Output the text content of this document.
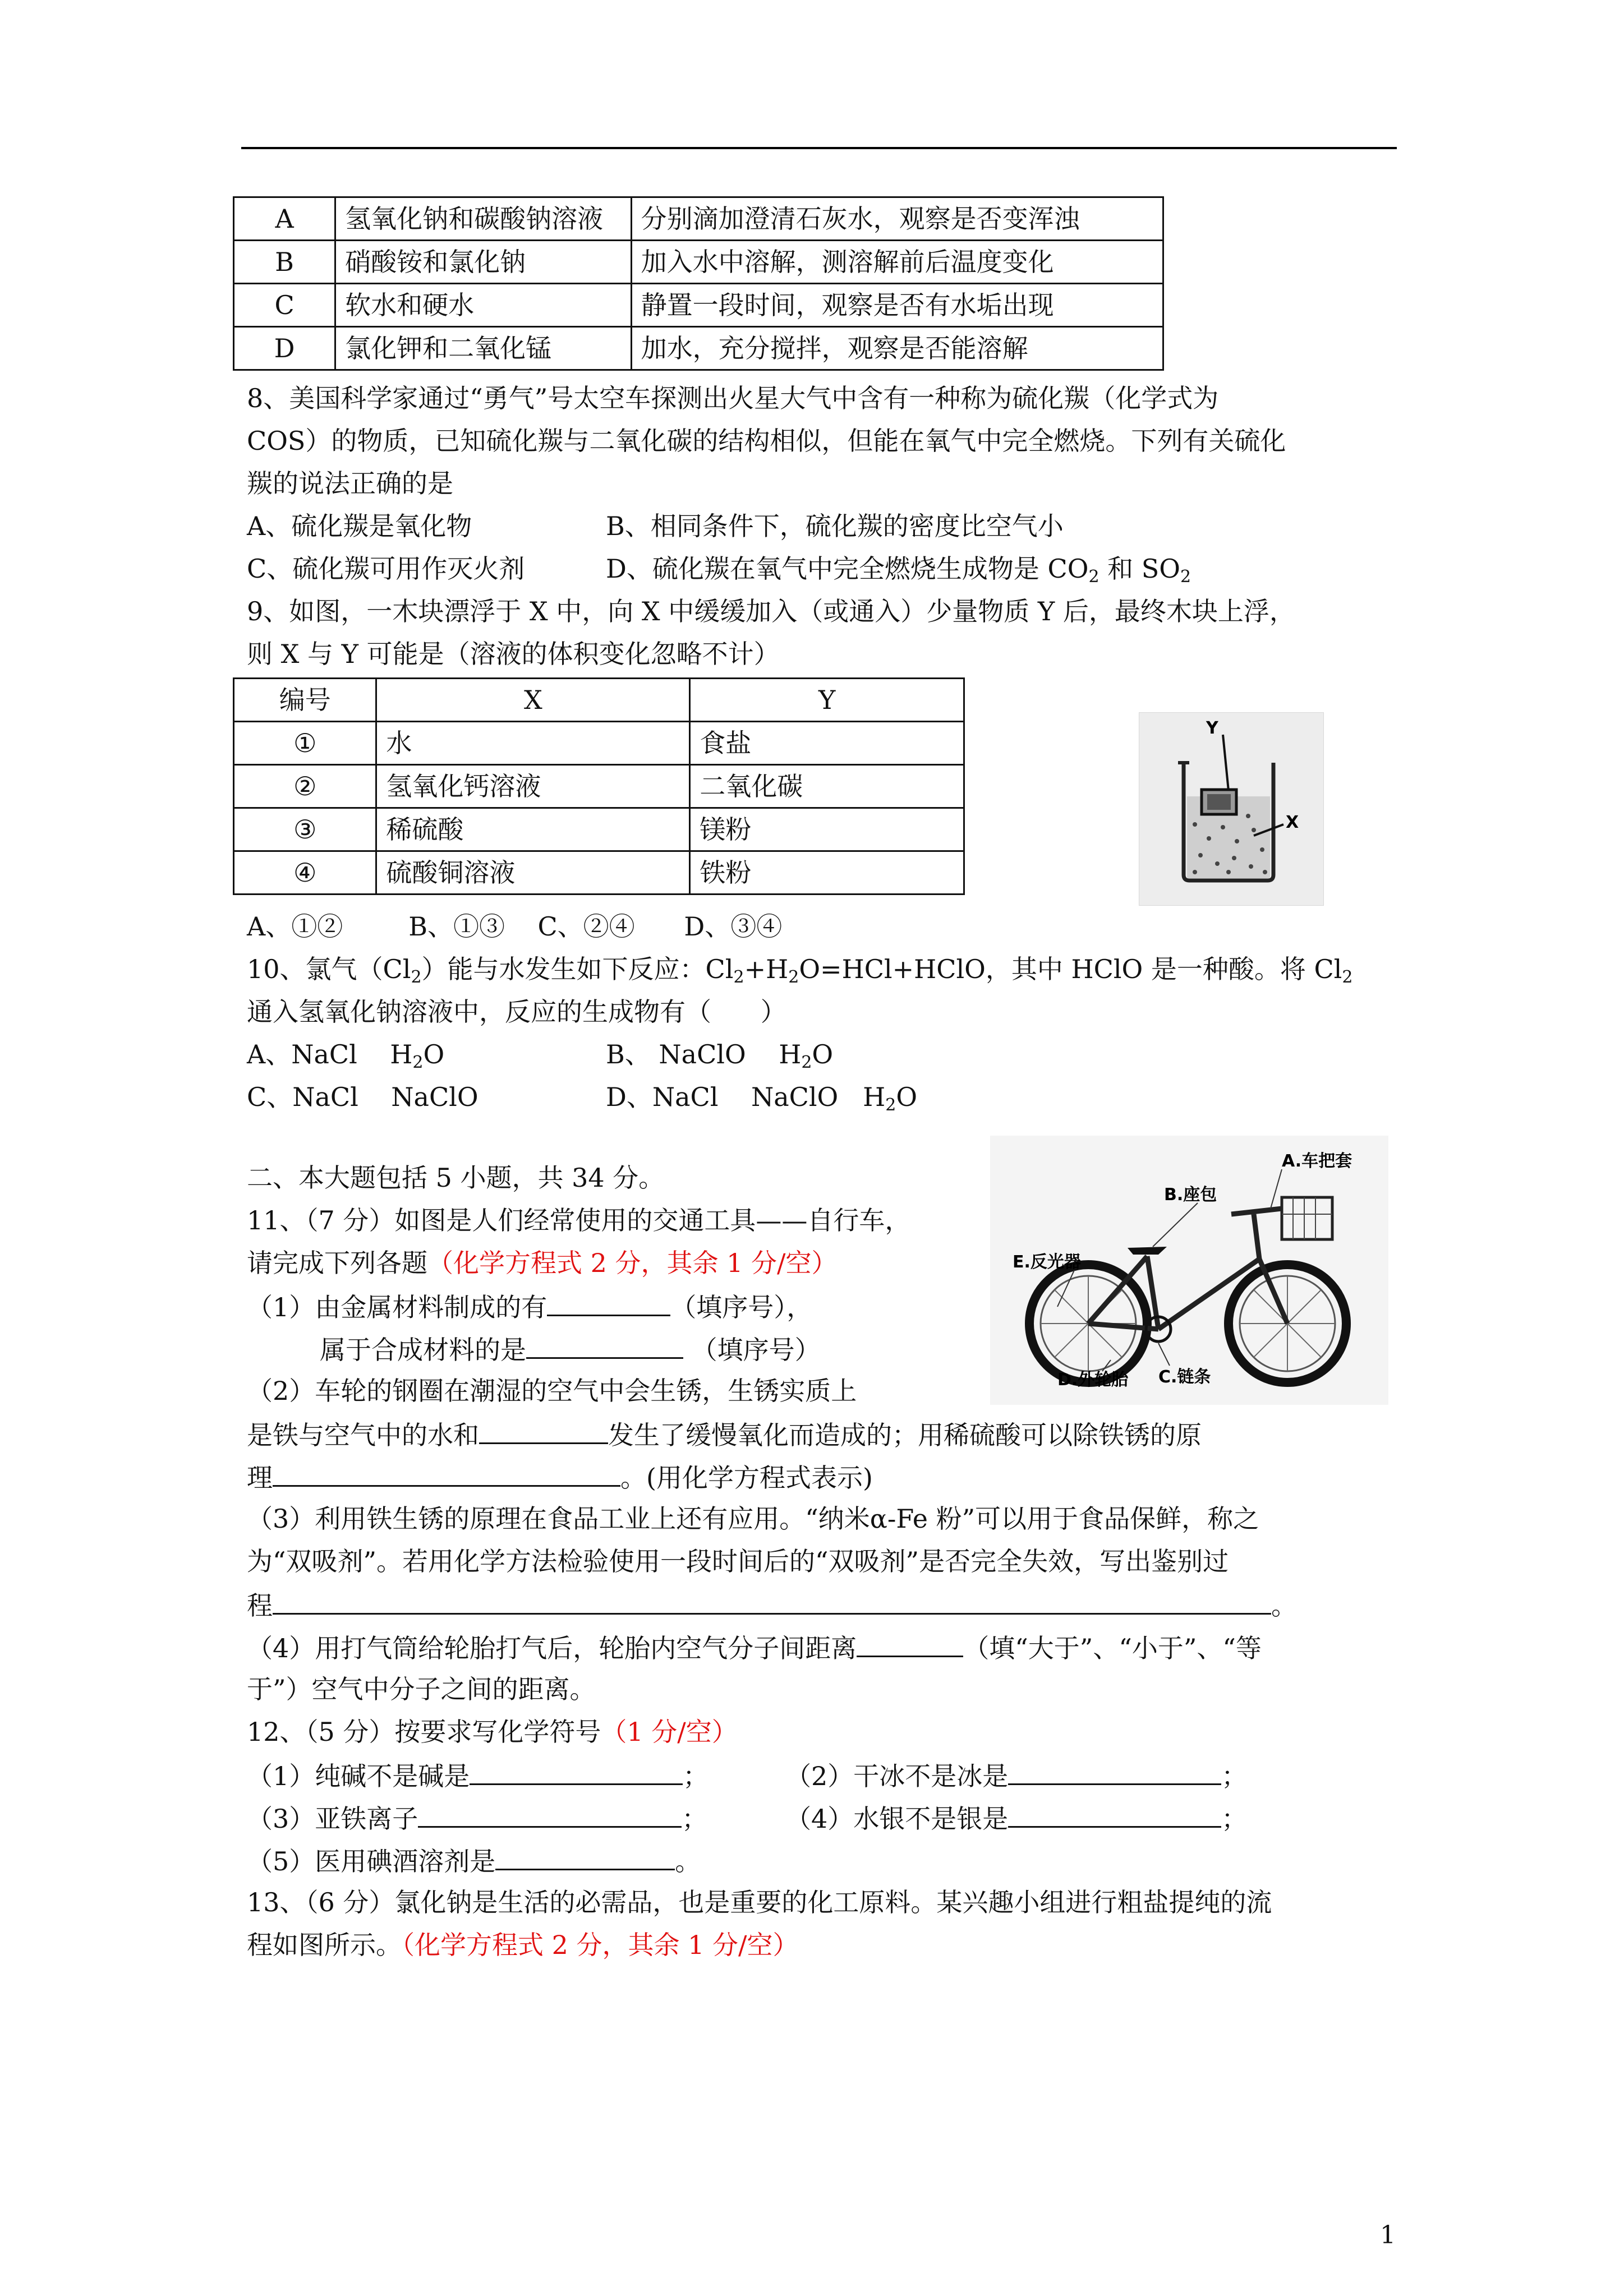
A	氢氧化钠和碳酸钠溶液	分别滴加澄清石灰水，观察是否变浑浊
B	硝酸铵和氯化钠	加入水中溶解，测溶解前后温度变化
C	软水和硬水	静置一段时间，观察是否有水垢出现
D	氯化钾和二氧化锰	加水，充分搅拌，观察是否能溶解
8、美国科学家通过“勇气”号太空车探测出火星大气中含有一种称为硫化羰（化学式为
COS）的物质，已知硫化羰与二氧化碳的结构相似，但能在氧气中完全燃烧。下列有关硫化
羰的说法正确的是
A、硫化羰是氧化物	B、相同条件下，硫化羰的密度比空气小
C、硫化羰可用作灭火剂	D、硫化羰在氧气中完全燃烧生成物是 $CO_2$ 和 $SO_2$
9、如图，一木块漂浮于 X 中，向 X 中缓缓加入（或通入）少量物质 Y 后，最终木块上浮，
则 X 与 Y 可能是（溶液的体积变化忽略不计）
编号	X	Y
①	水	食盐
②	氢氧化钙溶液	二氧化碳
③	稀硫酸	镁粉
④	硫酸铜溶液	铁粉
Y
X
A、①②        B、①③    C、②④      D、③④
10、氯气$(Cl_2)$能与水发生如下反应：$Cl_2+H_2O=HCl+HClO$，其中 HClO 是一种酸。将 $Cl_2$
通入氢氧化钠溶液中，反应的生成物有（      ）
A、NaCl    $H_2O$	B、 NaClO    $H_2O$
C、NaCl    NaClO	D、NaCl    NaClO   $H_2O$
二、本大题包括 5 小题，共 34 分。
A.车把套
B.座包
E.反光器
D.外轮胎 C.链条
11、（7 分）如图是人们经常使用的交通工具——自行车，
请完成下列各题（化学方程式 2 分，其余 1 分/空）
（1）由金属材料制成的有	（填序号），
属于合成材料的是	（填序号）
（2）车轮的钢圈在潮湿的空气中会生锈，生锈实质上
是铁与空气中的水和	发生了缓慢氧化而造成的；用稀硫酸可以除铁锈的原
理	。(用化学方程式表示)
（3）利用铁生锈的原理在食品工业上还有应用。“纳米α-Fe 粉”可以用于食品保鲜，称之
为“双吸剂”。若用化学方法检验使用一段时间后的“双吸剂”是否完全失效，写出鉴别过
程	。
（4）用打气筒给轮胎打气后，轮胎内空气分子间距离	（填“大于”、“小于”、“等
于”）空气中分子之间的距离。
12、（5 分）按要求写化学符号（1 分/空）
（1）纯碱不是碱是	；	（2）干冰不是冰是	；
（3）亚铁离子	；	（4）水银不是银是	；
（5）医用碘酒溶剂是	。
13、（6 分）氯化钠是生活的必需品，也是重要的化工原料。某兴趣小组进行粗盐提纯的流
程如图所示。（化学方程式 2 分，其余 1 分/空）
1
